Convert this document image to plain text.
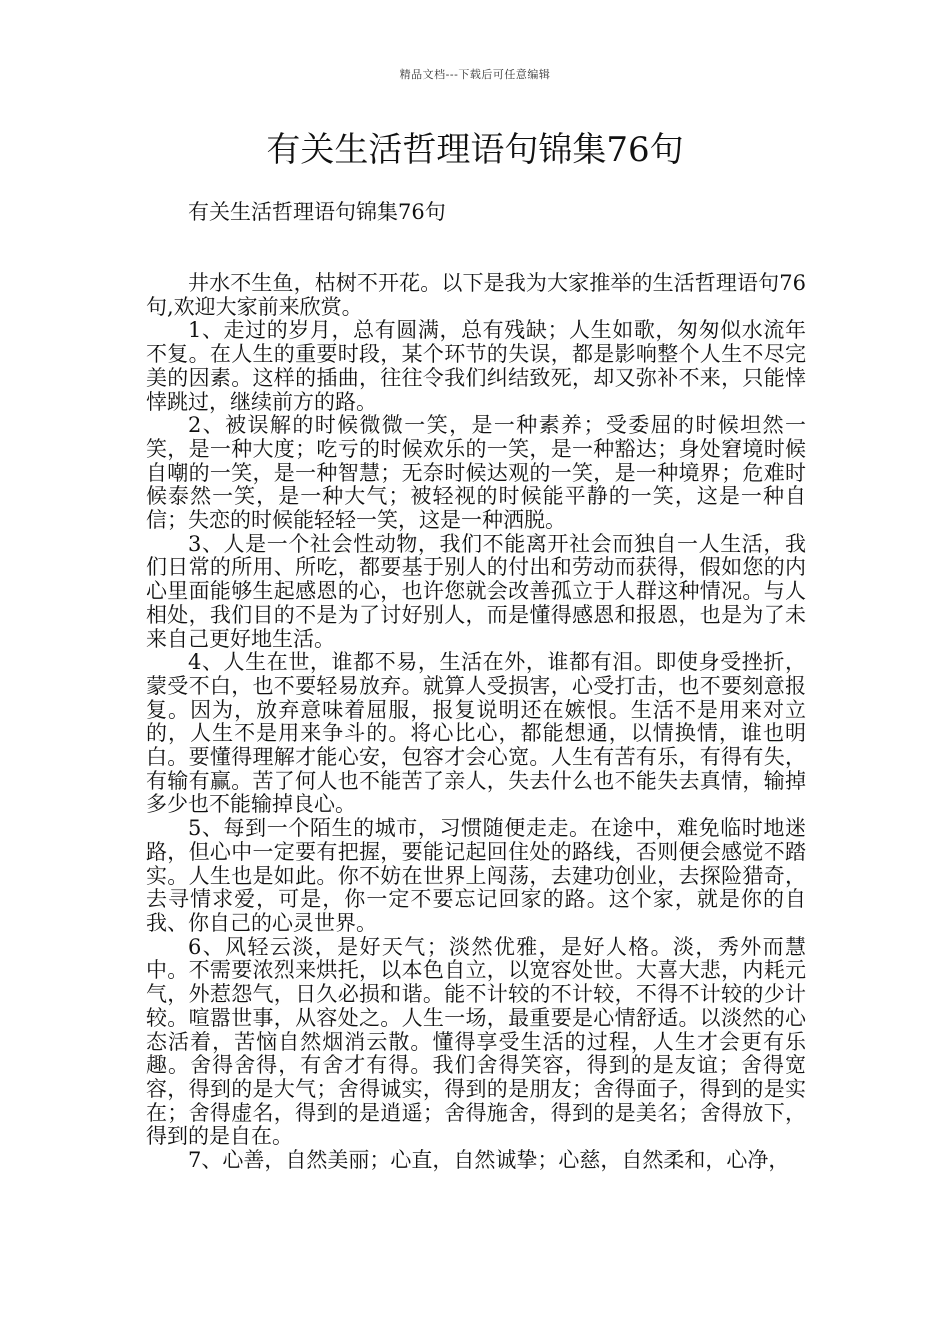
精品文档---下载后可任意编辑
有关生活哲理语句锦集76句

有关生活哲理语句锦集76句

井水不生鱼，枯树不开花。以下是我为大家推举的生活哲理语句76句,欢迎大家前来欣赏。

1、走过的岁月，总有圆满，总有残缺；人生如歌，匆匆似水流年不复。在人生的重要时段，某个环节的失误，都是影响整个人生不尽完美的因素。这样的插曲，往往令我们纠结致死，却又弥补不来，只能悻悻跳过，继续前方的路。

2、被误解的时候微微一笑，是一种素养；受委屈的时候坦然一笑，是一种大度；吃亏的时候欢乐的一笑，是一种豁达；身处窘境时候自嘲的一笑，是一种智慧；无奈时候达观的一笑，是一种境界；危难时候泰然一笑，是一种大气；被轻视的时候能平静的一笑，这是一种自信；失恋的时候能轻轻一笑，这是一种洒脱。

3、人是一个社会性动物，我们不能离开社会而独自一人生活，我们日常的所用、所吃，都要基于别人的付出和劳动而获得，假如您的内心里面能够生起感恩的心，也许您就会改善孤立于人群这种情况。与人相处，我们目的不是为了讨好别人，而是懂得感恩和报恩，也是为了未来自己更好地生活。

4、人生在世，谁都不易，生活在外，谁都有泪。即使身受挫折，蒙受不白，也不要轻易放弃。就算人受损害，心受打击，也不要刻意报复。因为，放弃意味着屈服，报复说明还在嫉恨。生活不是用来对立的，人生不是用来争斗的。将心比心，都能想通，以情换情，谁也明白。要懂得理解才能心安，包容才会心宽。人生有苦有乐，有得有失，有输有赢。苦了何人也不能苦了亲人，失去什么也不能失去真情，输掉多少也不能输掉良心。

5、每到一个陌生的城市，习惯随便走走。在途中，难免临时地迷路，但心中一定要有把握，要能记起回住处的路线，否则便会感觉不踏实。人生也是如此。你不妨在世界上闯荡，去建功创业，去探险猎奇，去寻情求爱，可是，你一定不要忘记回家的路。这个家，就是你的自我、你自己的心灵世界。

6、风轻云淡，是好天气；淡然优雅，是好人格。淡，秀外而慧中。不需要浓烈来烘托，以本色自立，以宽容处世。大喜大悲，内耗元气，外惹怨气，日久必损和谐。能不计较的不计较，不得不计较的少计较。喧嚣世事，从容处之。人生一场，最重要是心情舒适。以淡然的心态活着，苦恼自然烟消云散。懂得享受生活的过程，人生才会更有乐趣。舍得舍得，有舍才有得。我们舍得笑容，得到的是友谊；舍得宽容，得到的是大气；舍得诚实，得到的是朋友；舍得面子，得到的是实在；舍得虚名，得到的是逍遥；舍得施舍，得到的是美名；舍得放下，得到的是自在。

7、心善，自然美丽；心直，自然诚挚；心慈，自然柔和，心净，
